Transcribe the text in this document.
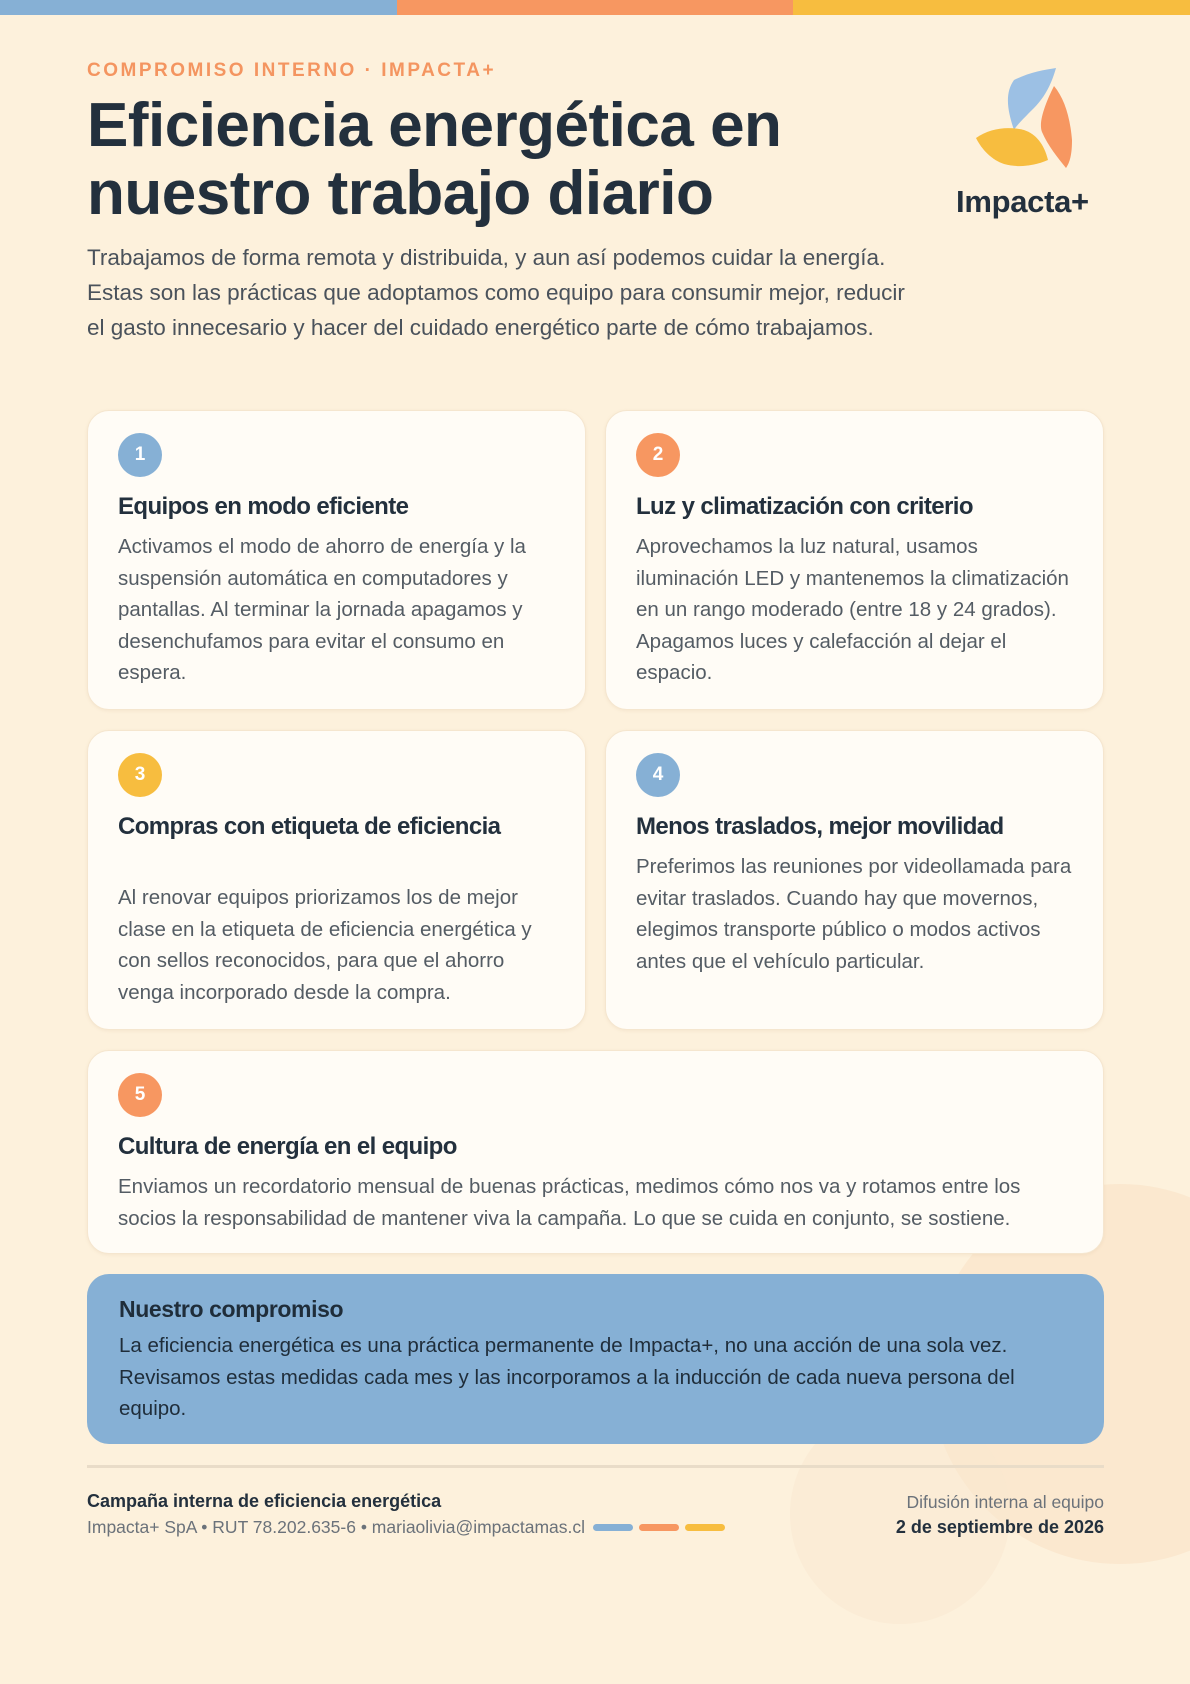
COMPROMISO INTERNO · IMPACTA+
Eficiencia energética en nuestro trabajo diario	Impacta+

Trabajamos de forma remota y distribuida, y aun así podemos cuidar la energía. Estas son las prácticas que adoptamos como equipo para consumir mejor, reducir el gasto innecesario y hacer del cuidado energético parte de cómo trabajamos.

1
Equipos en modo eficiente
Activamos el modo de ahorro de energía y la suspensión automática en computadores y pantallas. Al terminar la jornada apagamos y desenchufamos para evitar el consumo en espera.
2
Luz y climatización con criterio
Aprovechamos la luz natural, usamos iluminación LED y mantenemos la climatización en un rango moderado (entre 18 y 24 grados). Apagamos luces y calefacción al dejar el espacio.
3
Compras con etiqueta de eficiencia
Al renovar equipos priorizamos los de mejor clase en la etiqueta de eficiencia energética y con sellos reconocidos, para que el ahorro venga incorporado desde la compra.
4
Menos traslados, mejor movilidad
Preferimos las reuniones por videollamada para evitar traslados. Cuando hay que movernos, elegimos transporte público o modos activos antes que el vehículo particular.
5
Cultura de energía en el equipo
Enviamos un recordatorio mensual de buenas prácticas, medimos cómo nos va y rotamos entre los socios la responsabilidad de mantener viva la campaña. Lo que se cuida en conjunto, se sostiene.
Nuestro compromiso
La eficiencia energética es una práctica permanente de Impacta+, no una acción de una sola vez. Revisamos estas medidas cada mes y las incorporamos a la inducción de cada nueva persona del equipo.
Campaña interna de eficiencia energética
Impacta+ SpA • RUT 78.202.635-6 • mariaolivia@impactamas.cl
Difusión interna al equipo
2 de septiembre de 2026
